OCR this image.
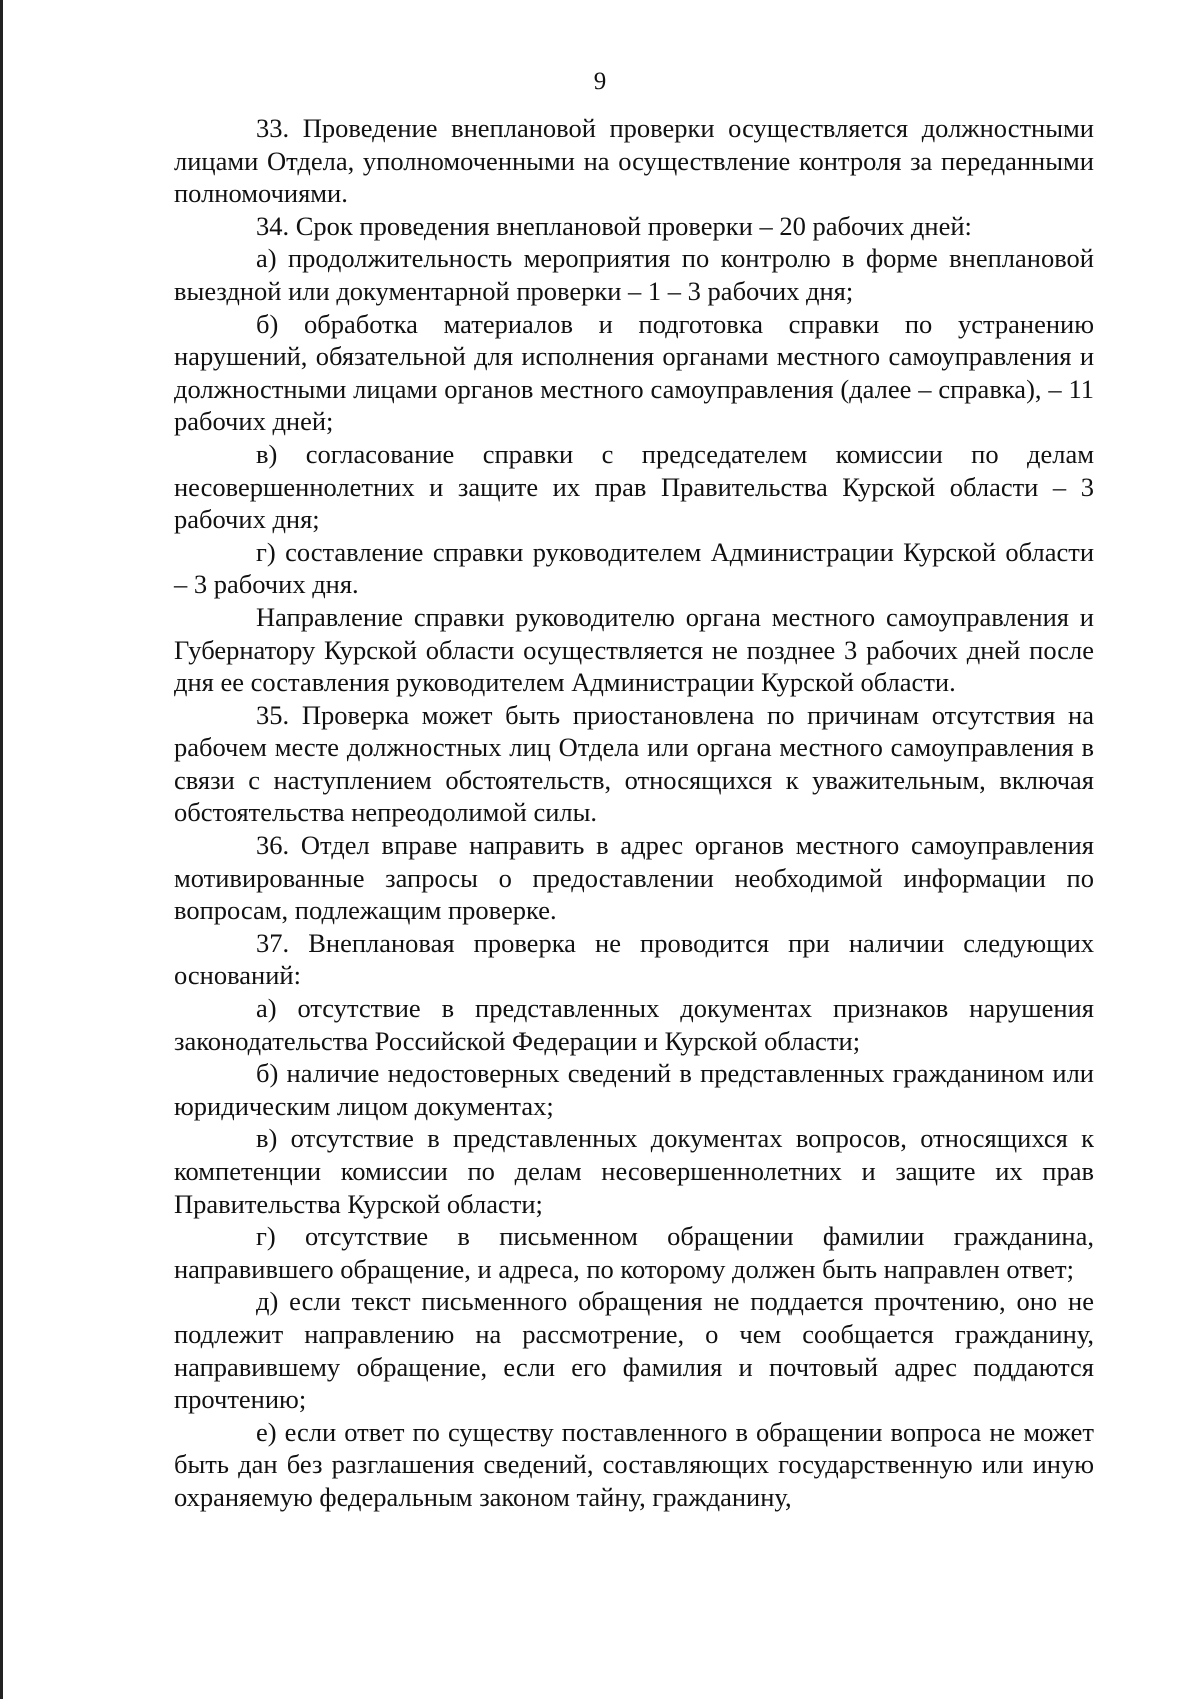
9

33. Проведение внеплановой проверки осуществляется должностными лицами Отдела, уполномоченными на осуществление контроля за переданными полномочиями.

34. Срок проведения внеплановой проверки – 20 рабочих дней:

а) продолжительность мероприятия по контролю в форме внеплановой выездной или документарной проверки – 1 – 3 рабочих дня;

б) обработка материалов и подготовка справки по устранению нарушений, обязательной для исполнения органами местного самоуправления и должностными лицами органов местного самоуправления (далее – справка), – 11 рабочих дней;

в) согласование справки с председателем комиссии по делам несовершеннолетних и защите их прав Правительства Курской области – 3 рабочих дня;

г) составление справки руководителем Администрации Курской области – 3 рабочих дня.

Направление справки руководителю органа местного самоуправления и Губернатору Курской области осуществляется не позднее 3 рабочих дней после дня ее составления руководителем Администрации Курской области.

35. Проверка может быть приостановлена по причинам отсутствия на рабочем месте должностных лиц Отдела или органа местного самоуправления в связи с наступлением обстоятельств, относящихся к уважительным, включая обстоятельства непреодолимой силы.

36. Отдел вправе направить в адрес органов местного самоуправления мотивированные запросы о предоставлении необходимой информации по вопросам, подлежащим проверке.

37. Внеплановая проверка не проводится при наличии следующих оснований:

а) отсутствие в представленных документах признаков нарушения законодательства Российской Федерации и Курской области;

б) наличие недостоверных сведений в представленных гражданином или юридическим лицом документах;

в) отсутствие в представленных документах вопросов, относящихся к компетенции комиссии по делам несовершеннолетних и защите их прав Правительства Курской области;

г) отсутствие в письменном обращении фамилии гражданина, направившего обращение, и адреса, по которому должен быть направлен ответ;

д) если текст письменного обращения не поддается прочтению, оно не подлежит направлению на рассмотрение, о чем сообщается гражданину, направившему обращение, если его фамилия и почтовый адрес поддаются прочтению;

е) если ответ по существу поставленного в обращении вопроса не может быть дан без разглашения сведений, составляющих государственную или иную охраняемую федеральным законом тайну, гражданину,
